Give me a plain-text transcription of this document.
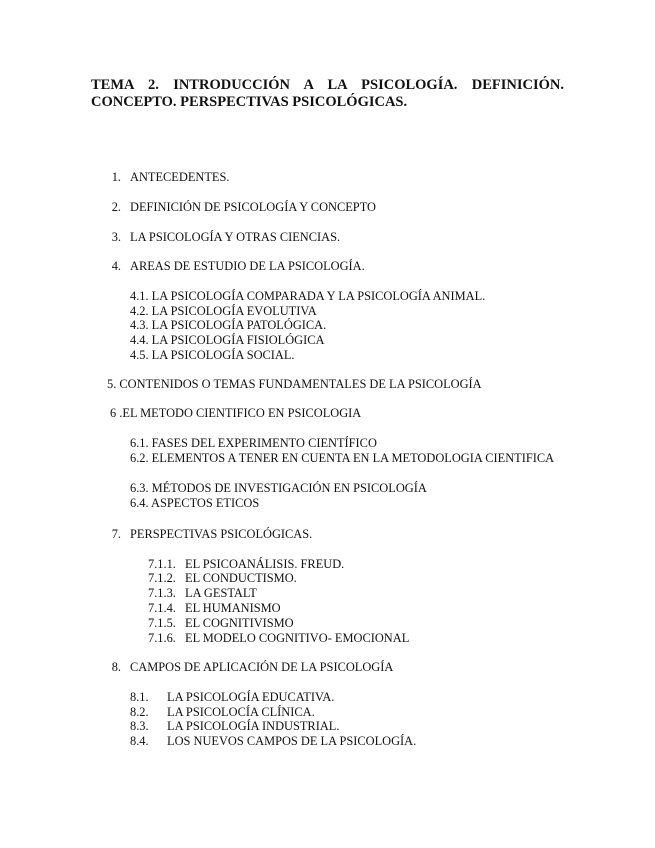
TEMA 2. INTRODUCCIÓN A LA PSICOLOGÍA. DEFINICIÓN.
CONCEPTO. PERSPECTIVAS PSICOLÓGICAS.
1. ANTECEDENTES.
2. DEFINICIÓN DE PSICOLOGÍA Y CONCEPTO
3. LA PSICOLOGÍA Y OTRAS CIENCIAS.
4. AREAS DE ESTUDIO DE LA PSICOLOGÍA.
4.1. LA PSICOLOGÍA COMPARADA Y LA PSICOLOGÍA ANIMAL.
4.2. LA PSICOLOGÍA EVOLUTIVA
4.3. LA PSICOLOGÍA PATOLÓGICA.
4.4. LA PSICOLOGÍA FISIOLÓGICA
4.5. LA PSICOLOGÍA SOCIAL.
5. CONTENIDOS O TEMAS FUNDAMENTALES DE LA PSICOLOGÍA
6 .EL METODO CIENTIFICO EN PSICOLOGIA
6.1. FASES DEL EXPERIMENTO CIENTÍFICO
6.2. ELEMENTOS A TENER EN CUENTA EN LA METODOLOGIA CIENTIFICA
6.3. MÉTODOS DE INVESTIGACIÓN EN PSICOLOGÍA
6.4. ASPECTOS ETICOS
7. PERSPECTIVAS PSICOLÓGICAS.
7.1.1. EL PSICOANÁLISIS. FREUD.
7.1.2. EL CONDUCTISMO.
7.1.3. LA GESTALT
7.1.4. EL HUMANISMO
7.1.5. EL COGNITIVISMO
7.1.6. EL MODELO COGNITIVO- EMOCIONAL
8. CAMPOS DE APLICACIÓN DE LA PSICOLOGÍA
8.1. LA PSICOLOGÍA EDUCATIVA.
8.2. LA PSICOLOCÍA CLÍNICA.
8.3. LA PSICOLOGÍA INDUSTRIAL.
8.4. LOS NUEVOS CAMPOS DE LA PSICOLOGÍA.
